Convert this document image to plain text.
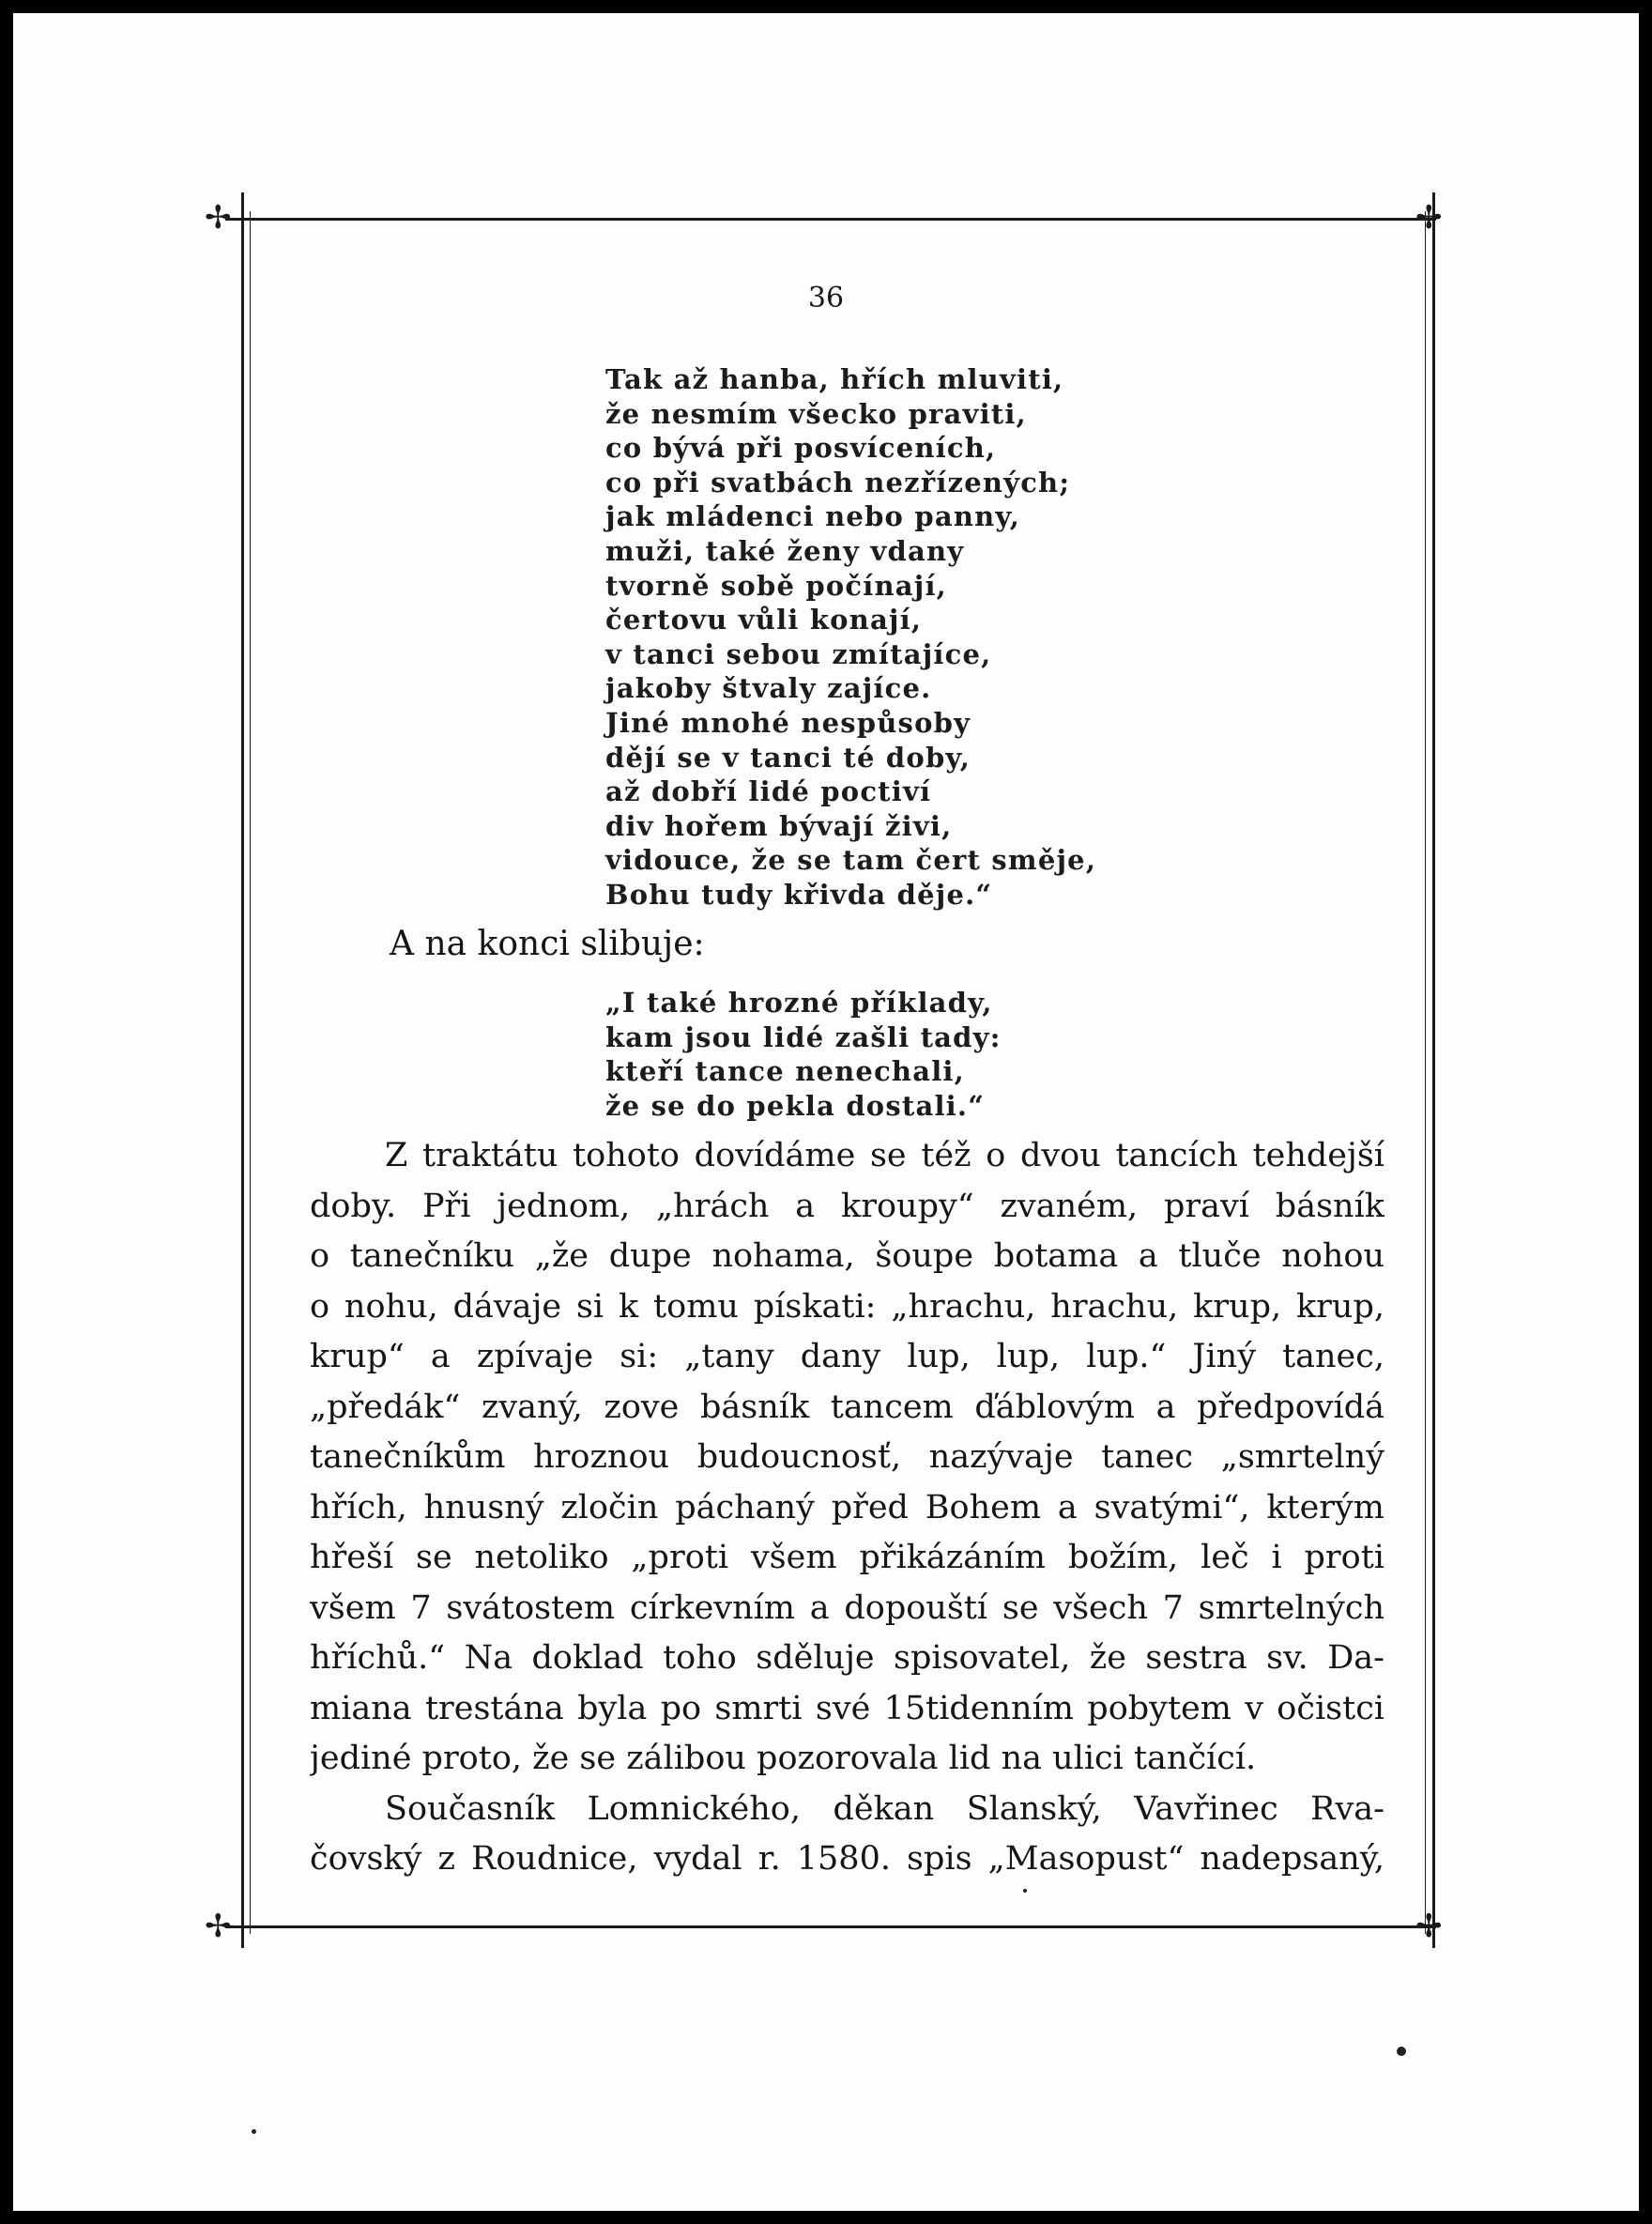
✢	✢
✢	✢
36
Tak až hanba, hřích mluviti,
že nesmím všecko praviti,
co bývá při posvíceních,
co při svatbách nezřízených;
jak mládenci nebo panny,
muži, také ženy vdany
tvorně sobě počínají,
čertovu vůli konají,
v tanci sebou zmítajíce,
jakoby štvaly zajíce.
Jiné mnohé nespůsoby
dějí se v tanci té doby,
až dobří lidé poctiví
div hořem bývají živi,
vidouce, že se tam čert směje,
Bohu tudy křivda děje.“
A na konci slibuje:
„I také hrozné příklady,
kam jsou lidé zašli tady:
kteří tance nenechali,
že se do pekla dostali.“
Z traktátu tohoto dovídáme se též o dvou tancích tehdejší
doby. Při jednom, „hrách a kroupy“ zvaném, praví básník
o tanečníku „že dupe nohama, šoupe botama a tluče nohou
o nohu, dávaje si k tomu pískati: „hrachu, hrachu, krup, krup,
krup“ a zpívaje si: „tany dany lup, lup, lup.“ Jiný tanec,
„předák“ zvaný, zove básník tancem ďáblovým a předpovídá
tanečníkům hroznou budoucnosť, nazývaje tanec „smrtelný
hřích, hnusný zločin páchaný před Bohem a svatými“, kterým
hřeší se netoliko „proti všem přikázáním božím, leč i proti
všem 7 svátostem církevním a dopouští se všech 7 smrtelných
hříchů.“ Na doklad toho sděluje spisovatel, že sestra sv. Da-
miana trestána byla po smrti své 15tidenním pobytem v očistci
jediné proto, že se zálibou pozorovala lid na ulici tančící.
Současník Lomnického, děkan Slanský, Vavřinec Rva-
čovský z Roudnice, vydal r. 1580. spis „Masopust“ nadepsaný,
